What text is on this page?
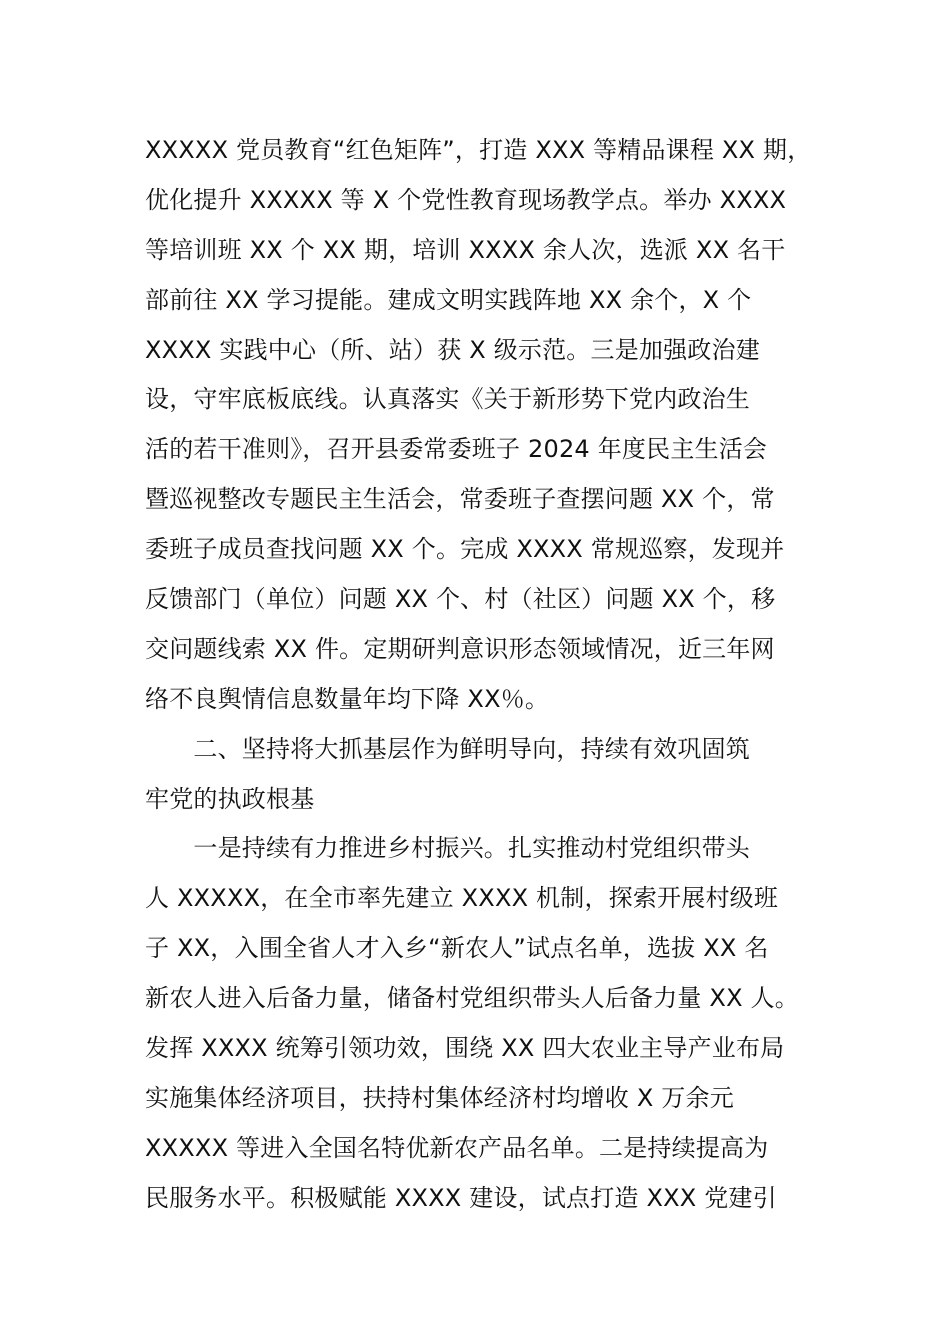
XXXXX 党员教育“红色矩阵”，打造 XXX 等精品课程 XX 期，
优化提升 XXXXX 等 X 个党性教育现场教学点。举办 XXXX
等培训班 XX 个 XX 期，培训 XXXX 余人次，选派 XX 名干
部前往 XX 学习提能。建成文明实践阵地 XX 余个，X 个
XXXX 实践中心（所、站）获 X 级示范。三是加强政治建
设，守牢底板底线。认真落实《关于新形势下党内政治生
活的若干准则》，召开县委常委班子 2024 年度民主生活会
暨巡视整改专题民主生活会，常委班子查摆问题 XX 个，常
委班子成员查找问题 XX 个。完成 XXXX 常规巡察，发现并
反馈部门（单位）问题 XX 个、村（社区）问题 XX 个，移
交问题线索 XX 件。定期研判意识形态领域情况，近三年网
络不良舆情信息数量年均下降 XX％。
　　二、坚持将大抓基层作为鲜明导向，持续有效巩固筑
牢党的执政根基
　　一是持续有力推进乡村振兴。扎实推动村党组织带头
人 XXXXX，在全市率先建立 XXXX 机制，探索开展村级班
子 XX，入围全省人才入乡“新农人”试点名单，选拔 XX 名
新农人进入后备力量，储备村党组织带头人后备力量 XX 人。
发挥 XXXX 统筹引领功效，围绕 XX 四大农业主导产业布局
实施集体经济项目，扶持村集体经济村均增收 X 万余元
XXXXX 等进入全国名特优新农产品名单。二是持续提高为
民服务水平。积极赋能 XXXX 建设，试点打造 XXX 党建引
